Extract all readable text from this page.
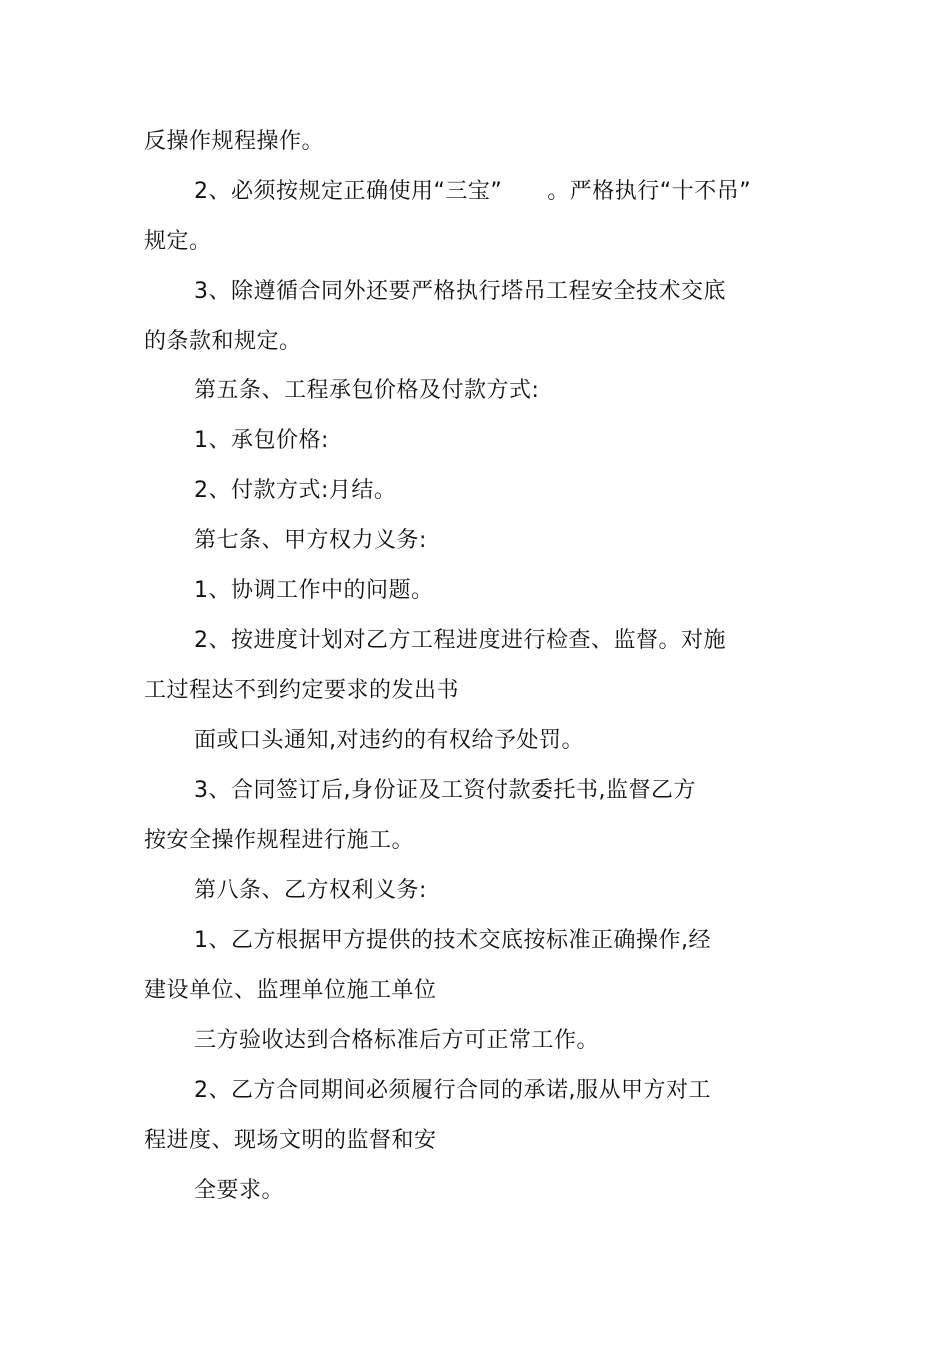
反操作规程操作。
2、必须按规定正确使用“三宝”　　。严格执行“十不吊”
规定。
3、除遵循合同外还要严格执行塔吊工程安全技术交底
的条款和规定。
第五条、工程承包价格及付款方式:
1、承包价格:
2、付款方式:月结。
第七条、甲方权力义务:
1、协调工作中的问题。
2、按进度计划对乙方工程进度进行检查、监督。对施
工过程达不到约定要求的发出书
面或口头通知,对违约的有权给予处罚。
3、合同签订后,身份证及工资付款委托书,监督乙方
按安全操作规程进行施工。
第八条、乙方权利义务:
1、乙方根据甲方提供的技术交底按标准正确操作,经
建设单位、监理单位施工单位
三方验收达到合格标准后方可正常工作。
2、乙方合同期间必须履行合同的承诺,服从甲方对工
程进度、现场文明的监督和安
全要求。
